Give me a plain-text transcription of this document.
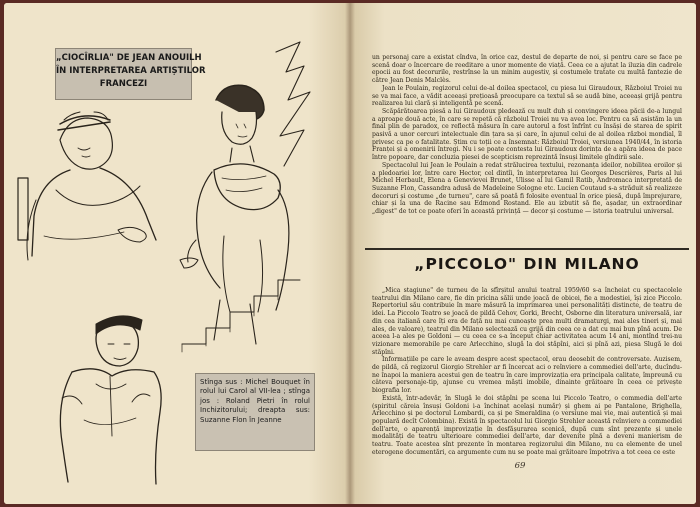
„CIOCÎRLIA" DE JEAN ANOUILH
ÎN INTERPRETAREA ARTIȘTILOR
FRANCEZI
Stînga sus : Michel Bouquet în rolul lui Carol al VII-lea ; stînga jos : Roland Pietri în rolul Inchizitorului; dreapta sus: Suzanne Flon în Jeanne

un personaj care a existat cîndva, în orice caz, destul de departe de noi, și pentru care se face pe scenă doar o încercare de reeditare a unor momente de viață. Ceea ce a ajutat la iluzia din cadrele epocii au fost decorurile, restrînse la un minim augestiv, și costumele tratate cu multă fantezie de către Jean Denis Malclès.

Jean le Poulain, regizorul celui de-al doilea spectacol, cu piesa lui Giraudoux, Războiul Troiei nu se va mai face, a vădit aceeași prețioasă preocupare ca textul să se audă bine, aceeași grijă pentru realizarea lui clară și inteligentă pe scenă.

Scăpărătoarea piesă a lui Giraudoux pledează cu mult duh și convingere ideea păcii de-a lungul a aproape două acte, în care se repetă că războiul Troiei nu va avea loc. Pentru ca să asistăm la un final plin de paradox, ce reflectă măsura în care autorul a fost înfrînt cu însăși de starea de spirit pasivă a unor cercuri intelectuale din țara sa și care, în ajunul celui de al doilea război mondial, îl privesc ca pe o fatalitate. Știm cu toții ce a însemnat: Războiul Troiei, versiunea 1940/44, în istoria Franței și a omenirii întregi. Nu i se poate contesta lui Giraudoux dorința de a apăra ideea de pace între popoare, dar concluzia piesei de scepticism reprezintă însuși limitele gîndirii sale.

Spectacolul lui Jean le Poulain a redat strălucirea textului, rezonanța ideilor, nobilitea eroilor și a pledoariei lor, între care Hector, cel dintîi, în interpretarea lui Georges Descrières, Paris al lui Michel Herbault, Elena a Genevievei Brunet, Ulisse al lui Gamil Ratib, Andromaca interpretată de Suzanne Flon, Cassandra adusă de Madeleine Sologne etc. Lucien Coutaud s-a străduit să realizeze decoruri și costume „de turneu", care să poată fi folosite eventual în orice piesă, după împrejurare, chiar și la una de Racine sau Edmond Rostand. Ele au izbutit să fie, așadar, un extraordinar „digest" de tot ce poate oferi în această privință — decor și costume — istoria teatrului universal.

„PICCOLO" DIN MILANO

„Mica stagiune" de turneu de la sfîrșitul anului teatral 1959/60 s-a încheiat cu spectacolele teatrului din Milano care, fie din pricina sălii unde joacă de obicei, fie a modestiei, își zice Piccolo. Repertoriul său contribuie în mare măsură la imprimarea unei personalități distincte, de teatru de idei. La Piccolo Teatro se joacă de pildă Cehov, Gorki, Brecht, Osborne din literatura universală, iar din cea italiană care îți era de față nu mai cunoaște prea multi dramaturgi, mai ales tineri și, mai ales, de valoare), teatrul din Milano selectează cu grijă din ceea ce a dat cu mai bun pînă acum. De aceea l-a ales pe Goldoni — cu ceea ce s-a început chiar activitatea acum 14 ani, montînd trei-nu vizionare memorabile pe care Arlecchino, slugă la doi stăpîni, aici și pînă azi, piesa Slugă le doi stăpîni.

Informațiile pe care le aveam despre acest spectacol, erau deosebit de controversate. Auzisem, de pildă, că regizorul Giorgio Strehler ar fi încercat aci o reînviere a commediei dell'arte, ducîndu-ne înapoi la maniera acestui gen de teatru în care improvizația era principala calitate, împreună cu câteva personaje-tip, ajunse cu vremea măști imobile, dinainte grăitoare în ceea ce privește biografia lor.

Există, într-adevăr, în Slugă le doi stăpîni pe scena lui Piccolo Teatro, o commedia dell'arte (spiritul căreia însuși Goldoni i-a închinat același număr) și ghem ai pe Pantalone, Brighella, Arlecchino și pe doctorul Lombardi, ca și pe Smeraldina (o versiune mai vie, mai autentică și mai populară decît Colombina). Există în spectacolul lui Giorgio Strehler această reînviere a commediei dell'arte, o aparență improvizație în desfășurarea scenică, după cum sînt prezente și unele modalități de teatru ulterioare commediei dell'arte, dar devenite pînă a deveni manierism de teatru. Toate acestea sînt prezente în montarea regizorului din Milano, nu ca elemente de unel eterogene documentări, ca argumente cum nu se poate mai grăitoare împotriva a tot ceea ce este

69
